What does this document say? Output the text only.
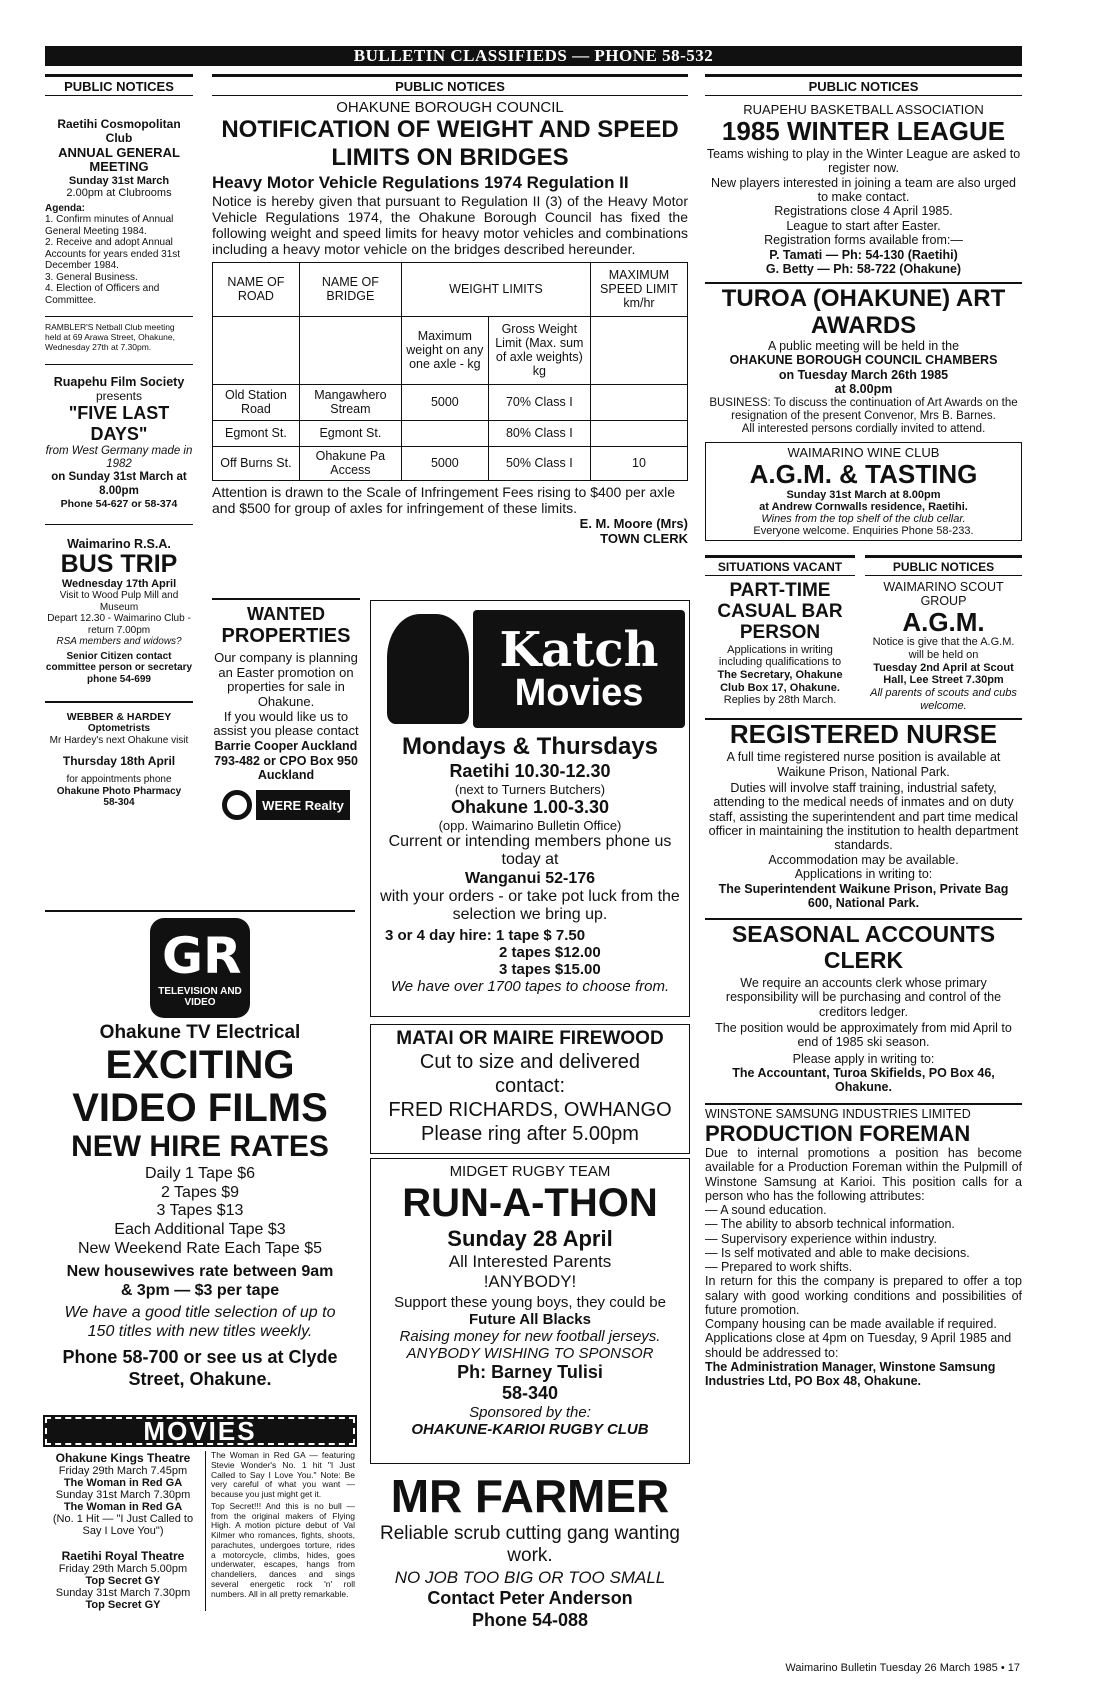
BULLETIN CLASSIFIEDS — PHONE 58-532
PUBLIC NOTICES
Raetihi Cosmopolitan Club
ANNUAL GENERAL MEETING
Sunday 31st March
2.00pm at Clubrooms
Agenda:
1. Confirm minutes of Annual General Meeting 1984.
2. Receive and adopt Annual Accounts for years ended 31st December 1984.
3. General Business.
4. Election of Officers and Committee.
RAMBLER'S Netball Club meeting held at 69 Arawa Street, Ohakune, Wednesday 27th at 7.30pm.
Ruapehu Film Society
presents
"FIVE LAST DAYS"
from West Germany made in 1982
on Sunday 31st March at 8.00pm
Phone 54-627 or 58-374
Waimarino R.S.A.
BUS TRIP
Wednesday 17th April
Visit to Wood Pulp Mill and Museum
Depart 12.30 - Waimarino Club - return 7.00pm
RSA members and widows?
Senior Citizen contact committee person or secretary phone 54-699
WEBBER & HARDEY
Optometrists
Mr Hardey's next Ohakune visit
Thursday 18th April
for appointments phone
Ohakune Photo Pharmacy
58-304
GR
TELEVISION AND VIDEO
Ohakune TV Electrical
EXCITING
VIDEO FILMS
NEW HIRE RATES
Daily 1 Tape $6
2 Tapes $9
3 Tapes $13
Each Additional Tape $3
New Weekend Rate Each Tape $5
New housewives rate between 9am & 3pm — $3 per tape
We have a good title selection of up to 150 titles with new titles weekly.
Phone 58-700 or see us at Clyde Street, Ohakune.
MOVIES
Ohakune Kings Theatre
Friday 29th March 7.45pm
The Woman in Red GA
Sunday 31st March 7.30pm
The Woman in Red GA
(No. 1 Hit — "I Just Called to Say I Love You")
Raetihi Royal Theatre
Friday 29th March 5.00pm
Top Secret GY
Sunday 31st March 7.30pm
Top Secret GY
The Woman in Red GA — featuring Stevie Wonder's No. 1 hit "I Just Called to Say I Love You." Note: Be very careful of what you want — because you just might get it.
Top Secret!!! And this is no bull — from the original makers of Flying High. A motion picture debut of Val Kilmer who romances, fights, shoots, parachutes, undergoes torture, rides a motorcycle, climbs, hides, goes underwater, escapes, hangs from chandeliers, dances and sings several energetic rock 'n' roll numbers. All in all pretty remarkable.
PUBLIC NOTICES
OHAKUNE BOROUGH COUNCIL
NOTIFICATION OF WEIGHT AND SPEED LIMITS ON BRIDGES
Heavy Motor Vehicle Regulations 1974 Regulation II
Notice is hereby given that pursuant to Regulation II (3) of the Heavy Motor Vehicle Regulations 1974, the Ohakune Borough Council has fixed the following weight and speed limits for heavy motor vehicles and combinations including a heavy motor vehicle on the bridges described hereunder.
NAME OF ROAD	NAME OF BRIDGE	WEIGHT LIMITS		MAXIMUM SPEED LIMIT km/hr
		Maximum weight on any one axle - kg	Gross Weight Limit (Max. sum of axle weights) kg	
Old Station Road	Mangawhero Stream	5000	70% Class I	
Egmont St.	Egmont St.		80% Class I	
Off Burns St.	Ohakune Pa Access	5000	50% Class I	10
Attention is drawn to the Scale of Infringement Fees rising to $400 per axle and $500 for group of axles for infringement of these limits.
E. M. Moore (Mrs)
TOWN CLERK
WANTED
PROPERTIES
Our company is planning an Easter promotion on properties for sale in Ohakune.
If you would like us to assist you please contact
Barrie Cooper Auckland 793-482 or CPO Box 950 Auckland
WERE Realty
Katch
Movies
Mondays & Thursdays
Raetihi 10.30-12.30
(next to Turners Butchers)
Ohakune 1.00-3.30
(opp. Waimarino Bulletin Office)
Current or intending members phone us today at
Wanganui 52-176
with your orders - or take pot luck from the selection we bring up.
3 or 4 day hire: 1 tape $ 7.50
2 tapes $12.00
3 tapes $15.00
We have over 1700 tapes to choose from.
MATAI OR MAIRE FIREWOOD
Cut to size and delivered
contact:
FRED RICHARDS, OWHANGO
Please ring after 5.00pm
MIDGET RUGBY TEAM
RUN-A-THON
Sunday 28 April
All Interested Parents
!ANYBODY!
Support these young boys, they could be
Future All Blacks
Raising money for new football jerseys.
ANYBODY WISHING TO SPONSOR
Ph: Barney Tulisi
58-340
Sponsored by the:
OHAKUNE-KARIOI RUGBY CLUB
MR FARMER
Reliable scrub cutting gang wanting work.
NO JOB TOO BIG OR TOO SMALL
Contact Peter Anderson
Phone 54-088
PUBLIC NOTICES
RUAPEHU BASKETBALL ASSOCIATION
1985 WINTER LEAGUE
Teams wishing to play in the Winter League are asked to register now.
New players interested in joining a team are also urged to make contact.
Registrations close 4 April 1985.
League to start after Easter.
Registration forms available from:—
P. Tamati — Ph: 54-130 (Raetihi)
G. Betty — Ph: 58-722 (Ohakune)
TUROA (OHAKUNE) ART AWARDS
A public meeting will be held in the
OHAKUNE BOROUGH COUNCIL CHAMBERS
on Tuesday March 26th 1985
at 8.00pm
BUSINESS: To discuss the continuation of Art Awards on the resignation of the present Convenor, Mrs B. Barnes.
All interested persons cordially invited to attend.
WAIMARINO WINE CLUB
A.G.M. & TASTING
Sunday 31st March at 8.00pm
at Andrew Cornwalls residence, Raetihi.
Wines from the top shelf of the club cellar.
Everyone welcome. Enquiries Phone 58-233.
SITUATIONS VACANT
PART-TIME CASUAL BAR PERSON
Applications in writing including qualifications to
The Secretary, Ohakune Club Box 17, Ohakune.
Replies by 28th March.
PUBLIC NOTICES
WAIMARINO SCOUT GROUP
A.G.M.
Notice is give that the A.G.M. will be held on
Tuesday 2nd April at Scout Hall, Lee Street 7.30pm
All parents of scouts and cubs welcome.
REGISTERED NURSE
A full time registered nurse position is available at Waikune Prison, National Park.
Duties will involve staff training, industrial safety, attending to the medical needs of inmates and on duty staff, assisting the superintendent and part time medical officer in maintaining the institution to health department standards.
Accommodation may be available.
Applications in writing to:
The Superintendent Waikune Prison, Private Bag 600, National Park.
SEASONAL ACCOUNTS CLERK
We require an accounts clerk whose primary responsibility will be purchasing and control of the creditors ledger.
The position would be approximately from mid April to end of 1985 ski season.
Please apply in writing to:
The Accountant, Turoa Skifields, PO Box 46, Ohakune.
WINSTONE SAMSUNG INDUSTRIES LIMITED
PRODUCTION FOREMAN
Due to internal promotions a position has become available for a Production Foreman within the Pulpmill of Winstone Samsung at Karioi. This position calls for a person who has the following attributes:
— A sound education.
— The ability to absorb technical information.
— Supervisory experience within industry.
— Is self motivated and able to make decisions.
— Prepared to work shifts.
In return for this the company is prepared to offer a top salary with good working conditions and possibilities of future promotion.
Company housing can be made available if required.
Applications close at 4pm on Tuesday, 9 April 1985 and should be addressed to:
The Administration Manager, Winstone Samsung Industries Ltd, PO Box 48, Ohakune.
Waimarino Bulletin Tuesday 26 March 1985 • 17
